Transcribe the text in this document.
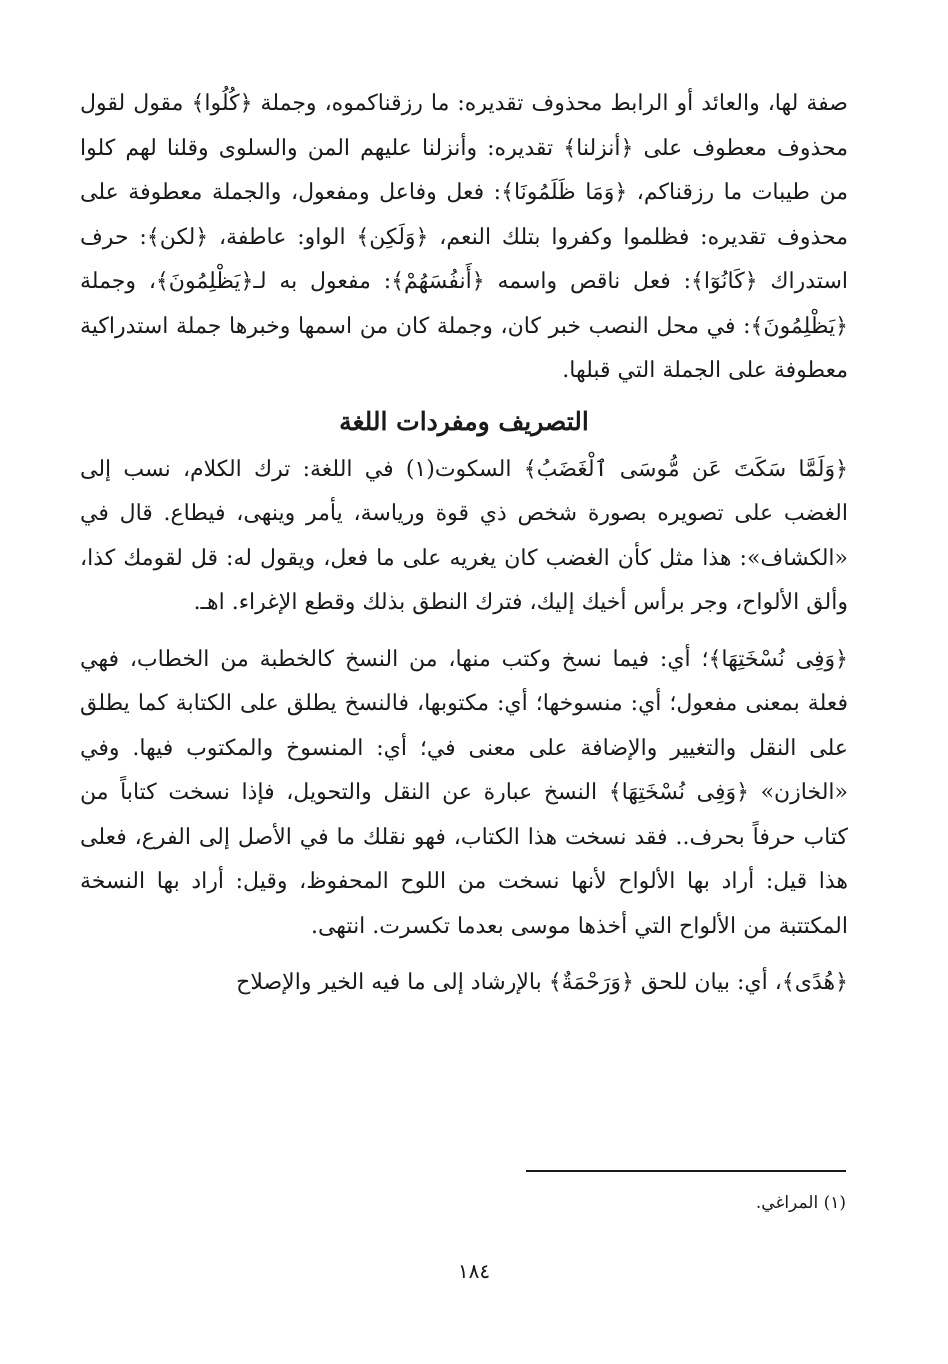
صفة لها، والعائد أو الرابط محذوف تقديره: ما رزقناكموه، وجملة ﴿كُلُوا﴾ مقول لقول محذوف معطوف على ﴿أنزلنا﴾ تقديره: وأنزلنا عليهم المن والسلوى وقلنا لهم كلوا من طيبات ما رزقناكم، ﴿وَمَا ظَلَمُونَا﴾: فعل وفاعل ومفعول، والجملة معطوفة على محذوف تقديره: فظلموا وكفروا بتلك النعم، ﴿وَلَكِن﴾ الواو: عاطفة، ﴿لكن﴾: حرف استدراك ﴿كَانُوٓا﴾: فعل ناقص واسمه ﴿أَنفُسَهُمْ﴾: مفعول به لـ﴿يَظْلِمُونَ﴾، وجملة ﴿يَظْلِمُونَ﴾: في محل النصب خبر كان، وجملة كان من اسمها وخبرها جملة استدراكية معطوفة على الجملة التي قبلها.

التصريف ومفردات اللغة

﴿وَلَمَّا سَكَتَ عَن مُّوسَى ٱلْغَضَبُ﴾ السكوت(١) في اللغة: ترك الكلام، نسب إلى الغضب على تصويره بصورة شخص ذي قوة ورياسة، يأمر وينهى، فيطاع. قال في «الكشاف»: هذا مثل كأن الغضب كان يغريه على ما فعل، ويقول له: قل لقومك كذا، وألق الألواح، وجر برأس أخيك إليك، فترك النطق بذلك وقطع الإغراء. اهـ.

﴿وَفِى نُسْخَتِهَا﴾؛ أي: فيما نسخ وكتب منها، من النسخ كالخطبة من الخطاب، فهي فعلة بمعنى مفعول؛ أي: منسوخها؛ أي: مكتوبها، فالنسخ يطلق على الكتابة كما يطلق على النقل والتغيير والإضافة على معنى في؛ أي: المنسوخ والمكتوب فيها. وفي «الخازن» ﴿وَفِى نُسْخَتِهَا﴾ النسخ عبارة عن النقل والتحويل، فإذا نسخت كتاباً من كتاب حرفاً بحرف.. فقد نسخت هذا الكتاب، فهو نقلك ما في الأصل إلى الفرع، فعلى هذا قيل: أراد بها الألواح لأنها نسخت من اللوح المحفوظ، وقيل: أراد بها النسخة المكتتبة من الألواح التي أخذها موسى بعدما تكسرت. انتهى.

﴿هُدًى﴾، أي: بيان للحق ﴿وَرَحْمَةٌ﴾ بالإرشاد إلى ما فيه الخير والإصلاح

(١) المراغي.
١٨٤
